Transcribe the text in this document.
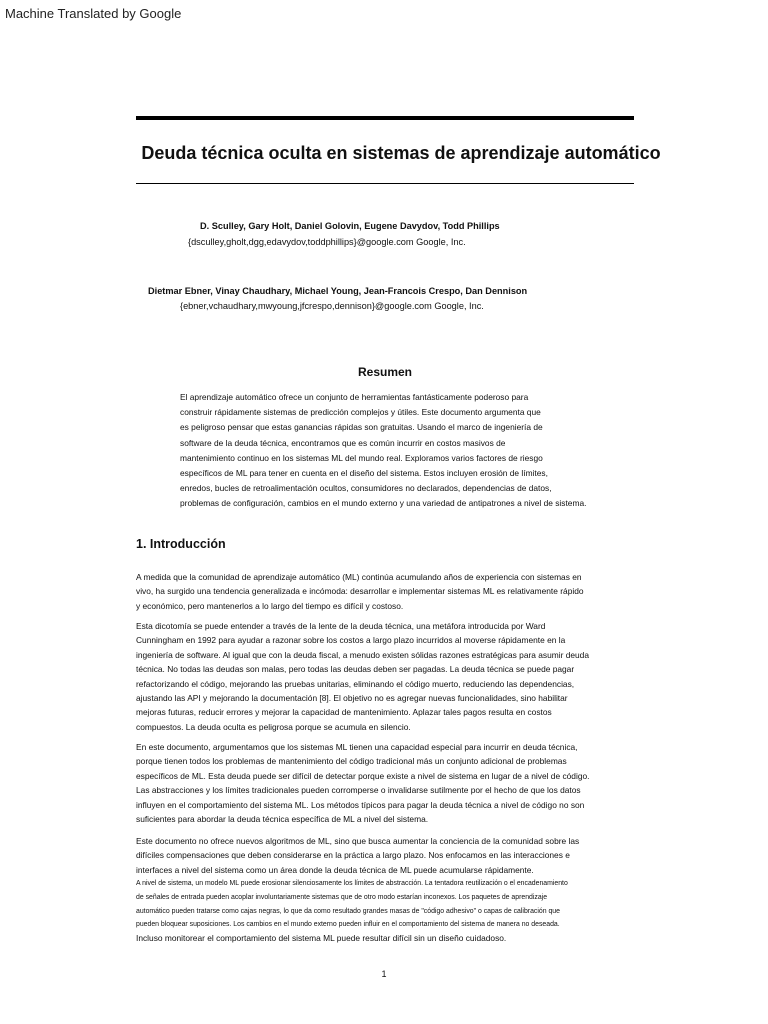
Machine Translated by Google
Deuda técnica oculta en sistemas de aprendizaje automático
D. Sculley, Gary Holt, Daniel Golovin, Eugene Davydov, Todd Phillips
{dsculley,gholt,dgg,edavydov,toddphillips}@google.com Google, Inc.
Dietmar Ebner, Vinay Chaudhary, Michael Young, Jean-Francois Crespo, Dan Dennison
{ebner,vchaudhary,mwyoung,jfcrespo,dennison}@google.com Google, Inc.
Resumen
El aprendizaje automático ofrece un conjunto de herramientas fantásticamente poderoso para
construir rápidamente sistemas de predicción complejos y útiles. Este documento argumenta que
es peligroso pensar que estas ganancias rápidas son gratuitas. Usando el marco de ingeniería de
software de la deuda técnica, encontramos que es común incurrir en costos masivos de
mantenimiento continuo en los sistemas ML del mundo real. Exploramos varios factores de riesgo
específicos de ML para tener en cuenta en el diseño del sistema. Estos incluyen erosión de límites,
enredos, bucles de retroalimentación ocultos, consumidores no declarados, dependencias de datos,
problemas de configuración, cambios en el mundo externo y una variedad de antipatrones a nivel de sistema.
1. Introducción
A medida que la comunidad de aprendizaje automático (ML) continúa acumulando años de experiencia con sistemas en
vivo, ha surgido una tendencia generalizada e incómoda: desarrollar e implementar sistemas ML es relativamente rápido
y económico, pero mantenerlos a lo largo del tiempo es difícil y costoso.
Esta dicotomía se puede entender a través de la lente de la deuda técnica, una metáfora introducida por Ward
Cunningham en 1992 para ayudar a razonar sobre los costos a largo plazo incurridos al moverse rápidamente en la
ingeniería de software. Al igual que con la deuda fiscal, a menudo existen sólidas razones estratégicas para asumir deuda
técnica. No todas las deudas son malas, pero todas las deudas deben ser pagadas. La deuda técnica se puede pagar
refactorizando el código, mejorando las pruebas unitarias, eliminando el código muerto, reduciendo las dependencias,
ajustando las API y mejorando la documentación [8]. El objetivo no es agregar nuevas funcionalidades, sino habilitar
mejoras futuras, reducir errores y mejorar la capacidad de mantenimiento. Aplazar tales pagos resulta en costos
compuestos. La deuda oculta es peligrosa porque se acumula en silencio.
En este documento, argumentamos que los sistemas ML tienen una capacidad especial para incurrir en deuda técnica,
porque tienen todos los problemas de mantenimiento del código tradicional más un conjunto adicional de problemas
específicos de ML. Esta deuda puede ser difícil de detectar porque existe a nivel de sistema en lugar de a nivel de código.
Las abstracciones y los límites tradicionales pueden corromperse o invalidarse sutilmente por el hecho de que los datos
influyen en el comportamiento del sistema ML. Los métodos típicos para pagar la deuda técnica a nivel de código no son
suficientes para abordar la deuda técnica específica de ML a nivel del sistema.
Este documento no ofrece nuevos algoritmos de ML, sino que busca aumentar la conciencia de la comunidad sobre las
difíciles compensaciones que deben considerarse en la práctica a largo plazo. Nos enfocamos en las interacciones e
interfaces a nivel del sistema como un área donde la deuda técnica de ML puede acumularse rápidamente.
A nivel de sistema, un modelo ML puede erosionar silenciosamente los límites de abstracción. La tentadora reutilización o el encadenamiento
de señales de entrada pueden acoplar involuntariamente sistemas que de otro modo estarían inconexos. Los paquetes de aprendizaje
automático pueden tratarse como cajas negras, lo que da como resultado grandes masas de "código adhesivo" o capas de calibración que
pueden bloquear suposiciones. Los cambios en el mundo externo pueden influir en el comportamiento del sistema de manera no deseada.
Incluso monitorear el comportamiento del sistema ML puede resultar difícil sin un diseño cuidadoso.
1
